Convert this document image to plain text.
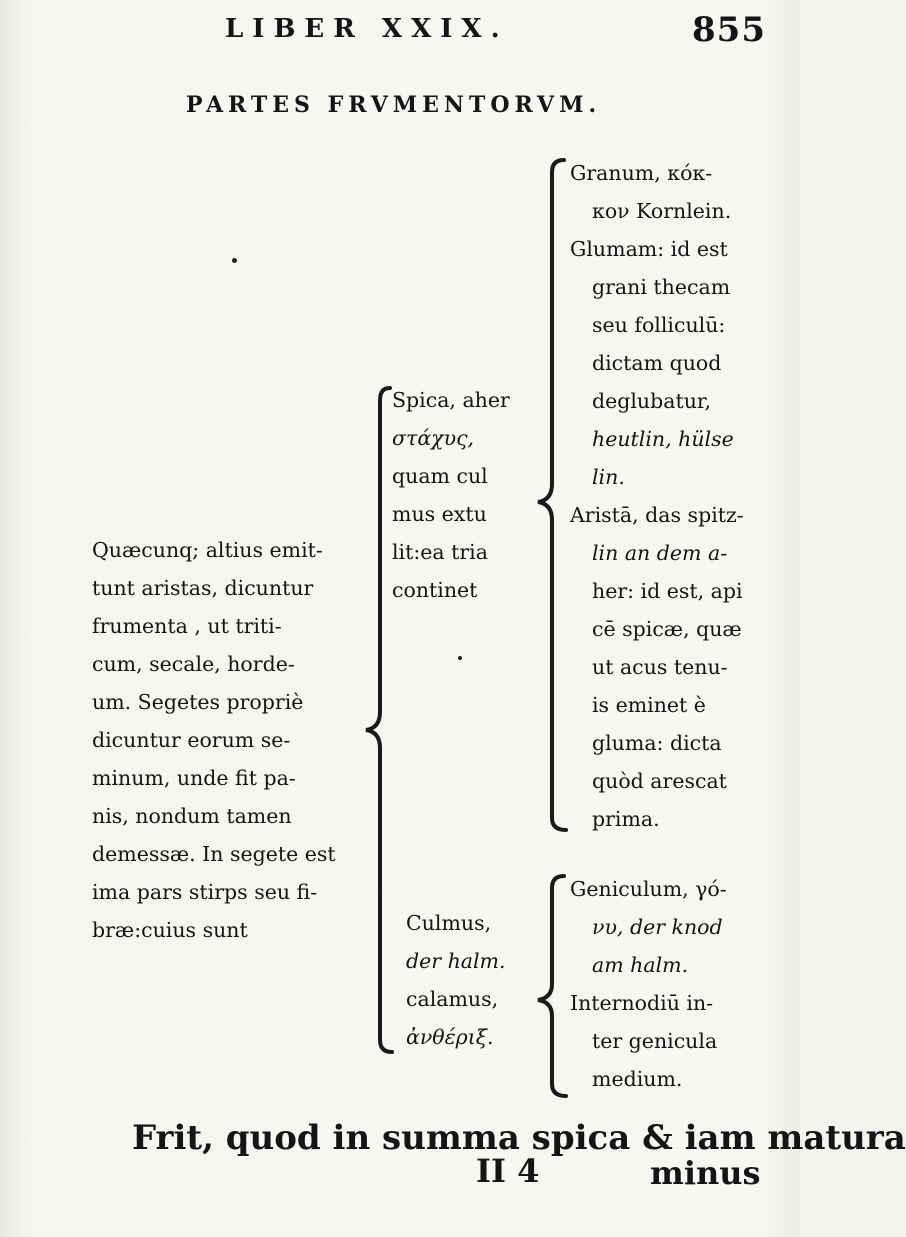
LIBER XXIX.	855
PARTES FRVMENTORVM.
Quæcunq; altius emit-
tunt aristas, dicuntur
frumenta , ut triti-
cum, secale, horde-
um. Segetes propriè
dicuntur eorum se-
minum, unde fit pa-
nis, nondum tamen
demessæ. In segete est
ima pars stirps seu fi-
bræ:cuius sunt
Spica, aher
στάχυς,
quam cul
mus extu
lit:ea tria
continet
Culmus,
der halm.
calamus,
ἀνθέριξ.
Granum, κόκ-
κον Kornlein.
Glumam: id est
grani thecam
seu folliculū:
dictam quod
deglubatur,
heutlin, hülse
lin.
Aristā, das spitz-
lin an dem a-
her: id est, api
cē spicæ, quæ
ut acus tenu-
is eminet è
gluma: dicta
quòd arescat
prima.
Geniculum, γό-
νυ, der knod
am halm.
Internodiū in-
ter genicula
medium.
Frit, quod in summa spica & iam matura
II 4	minus
